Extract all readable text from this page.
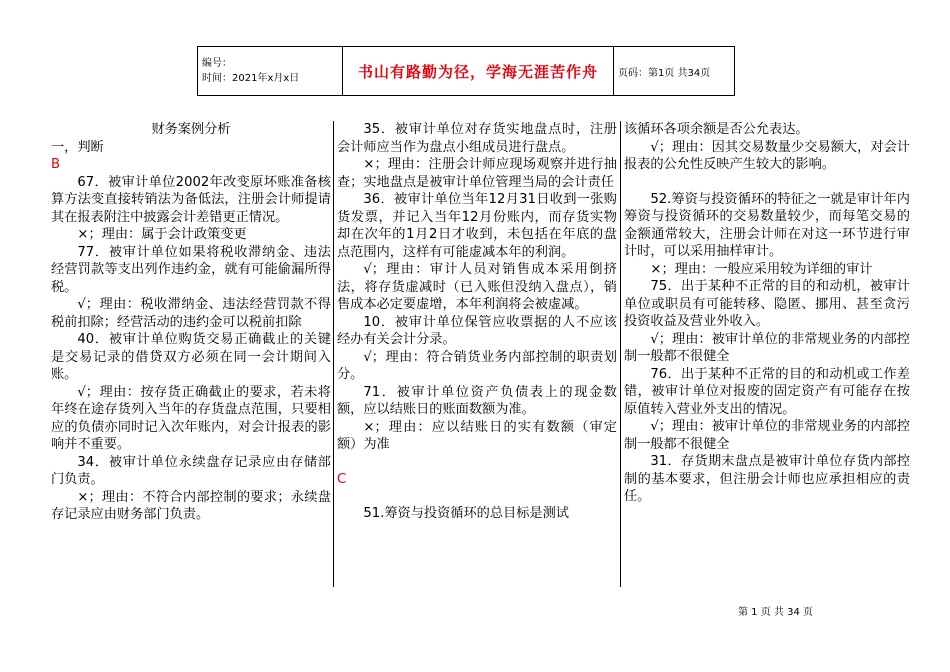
编号：
时间：2021年x月x日	书山有路勤为径，学海无涯苦作舟	页码：第1页 共34页

财务案例分析

一，判断

B

67．被审计单位2002年改变原坏账准备核算方法变直接转销法为备低法，注册会计师提请其在报表附注中披露会计差错更正情况。

×；理由：属于会计政策变更

77．被审计单位如果将税收滞纳金、违法经营罚款等支出列作违约金，就有可能偷漏所得税。

√；理由：税收滞纳金、违法经营罚款不得税前扣除；经营活动的违约金可以税前扣除

40．被审计单位购货交易正确截止的关键是交易记录的借贷双方必须在同一会计期间入账。

√；理由：按存货正确截止的要求，若未将年终在途存货列入当年的存货盘点范围，只要相应的负债亦同时记入次年账内，对会计报表的影响并不重要。

34．被审计单位永续盘存记录应由存储部门负责。

×；理由：不符合内部控制的要求；永续盘存记录应由财务部门负责。

35．被审计单位对存货实地盘点时，注册会计师应当作为盘点小组成员进行盘点。

×；理由：注册会计师应现场观察并进行抽查；实地盘点是被审计单位管理当局的会计责任

36．被审计单位当年12月31日收到一张购货发票，并记入当年12月份账内，而存货实物却在次年的1月2日才收到，未包括在年底的盘点范围内，这样有可能虚减本年的利润。

√；理由：审计人员对销售成本采用倒挤法，将存货虚减时（已入账但没纳入盘点），销售成本必定要虚增，本年利润将会被虚减。

10．被审计单位保管应收票据的人不应该经办有关会计分录。

√；理由：符合销货业务内部控制的职责划分。

71．被审计单位资产负债表上的现金数额，应以结账日的账面数额为准。

×；理由：应以结账日的实有数额（审定额）为准

C

51.筹资与投资循环的总目标是测试

该循环各项余额是否公允表达。

√；理由：因其交易数量少交易额大，对会计报表的公允性反映产生较大的影响。

52.筹资与投资循环的特征之一就是审计年内筹资与投资循环的交易数量较少，而每笔交易的金额通常较大，注册会计师在对这一环节进行审计时，可以采用抽样审计。

×；理由：一般应采用较为详细的审计

75．出于某种不正常的目的和动机，被审计单位或职员有可能转移、隐匿、挪用、甚至贪污投资收益及营业外收入。

√；理由：被审计单位的非常规业务的内部控制一般都不很健全

76．出于某种不正常的目的和动机或工作差错，被审计单位对报废的固定资产有可能存在按原值转入营业外支出的情况。

√；理由：被审计单位的非常规业务的内部控制一般都不很健全

31．存货期末盘点是被审计单位存货内部控制的基本要求，但注册会计师也应承担相应的责任。

第 1 页 共 34 页
